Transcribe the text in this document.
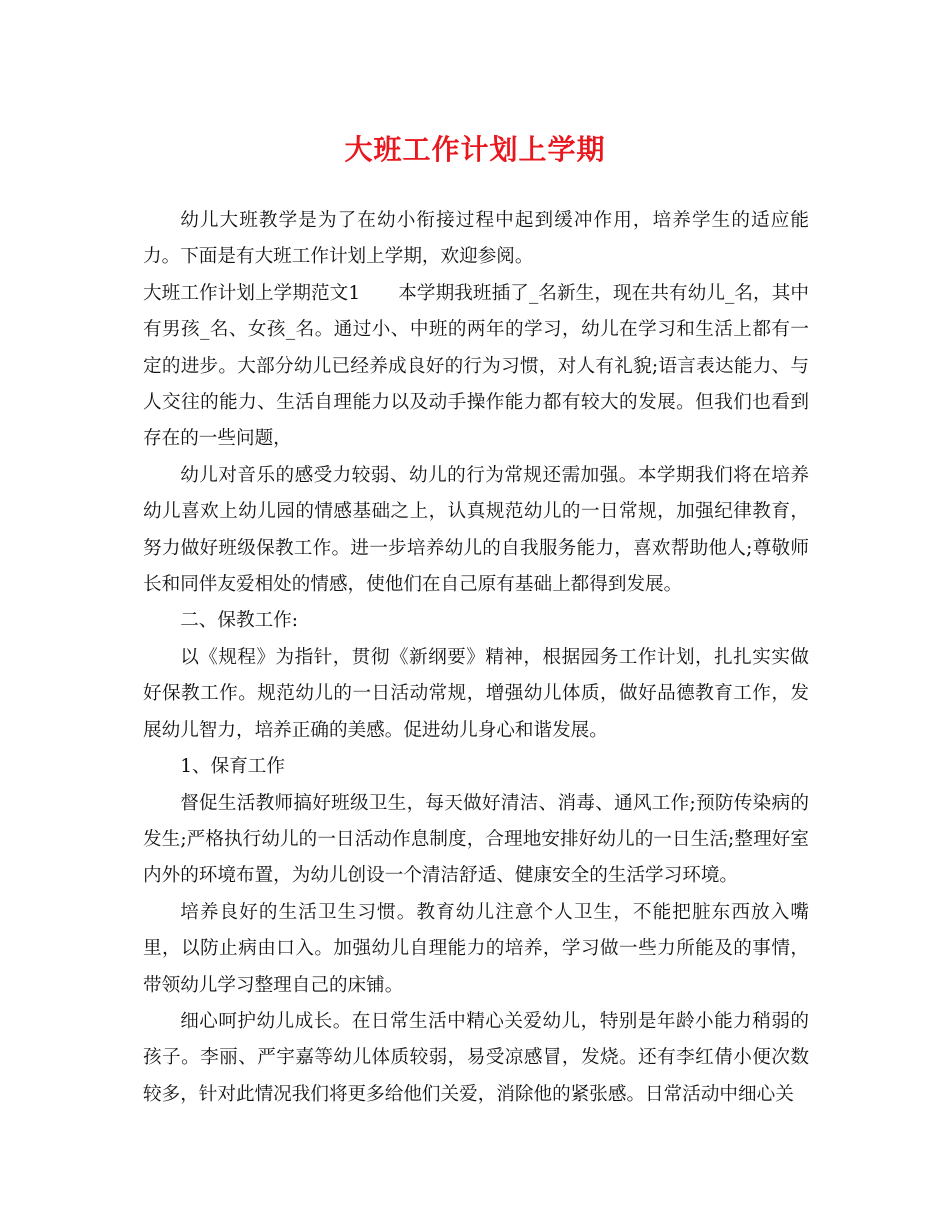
大班工作计划上学期

幼儿大班教学是为了在幼小衔接过程中起到缓冲作用，培养学生的适应能力。下面是有大班工作计划上学期，欢迎参阅。

大班工作计划上学期范文1 本学期我班插了_名新生，现在共有幼儿_名，其中有男孩_名、女孩_名。通过小、中班的两年的学习，幼儿在学习和生活上都有一定的进步。大部分幼儿已经养成良好的行为习惯，对人有礼貌;语言表达能力、与人交往的能力、生活自理能力以及动手操作能力都有较大的发展。但我们也看到存在的一些问题，

幼儿对音乐的感受力较弱、幼儿的行为常规还需加强。本学期我们将在培养幼儿喜欢上幼儿园的情感基础之上，认真规范幼儿的一日常规，加强纪律教育，努力做好班级保教工作。进一步培养幼儿的自我服务能力，喜欢帮助他人;尊敬师长和同伴友爱相处的情感，使他们在自己原有基础上都得到发展。

二、保教工作:

以《规程》为指针，贯彻《新纲要》精神，根据园务工作计划，扎扎实实做好保教工作。规范幼儿的一日活动常规，增强幼儿体质，做好品德教育工作，发展幼儿智力，培养正确的美感。促进幼儿身心和谐发展。

1、保育工作

督促生活教师搞好班级卫生，每天做好清洁、消毒、通风工作;预防传染病的发生;严格执行幼儿的一日活动作息制度，合理地安排好幼儿的一日生活;整理好室内外的环境布置，为幼儿创设一个清洁舒适、健康安全的生活学习环境。

培养良好的生活卫生习惯。教育幼儿注意个人卫生，不能把脏东西放入嘴里，以防止病由口入。加强幼儿自理能力的培养，学习做一些力所能及的事情，带领幼儿学习整理自己的床铺。

细心呵护幼儿成长。在日常生活中精心关爱幼儿，特别是年龄小能力稍弱的孩子。李丽、严宇嘉等幼儿体质较弱，易受凉感冒，发烧。还有李红倩小便次数较多，针对此情况我们将更多给他们关爱，消除他的紧张感。日常活动中细心关
